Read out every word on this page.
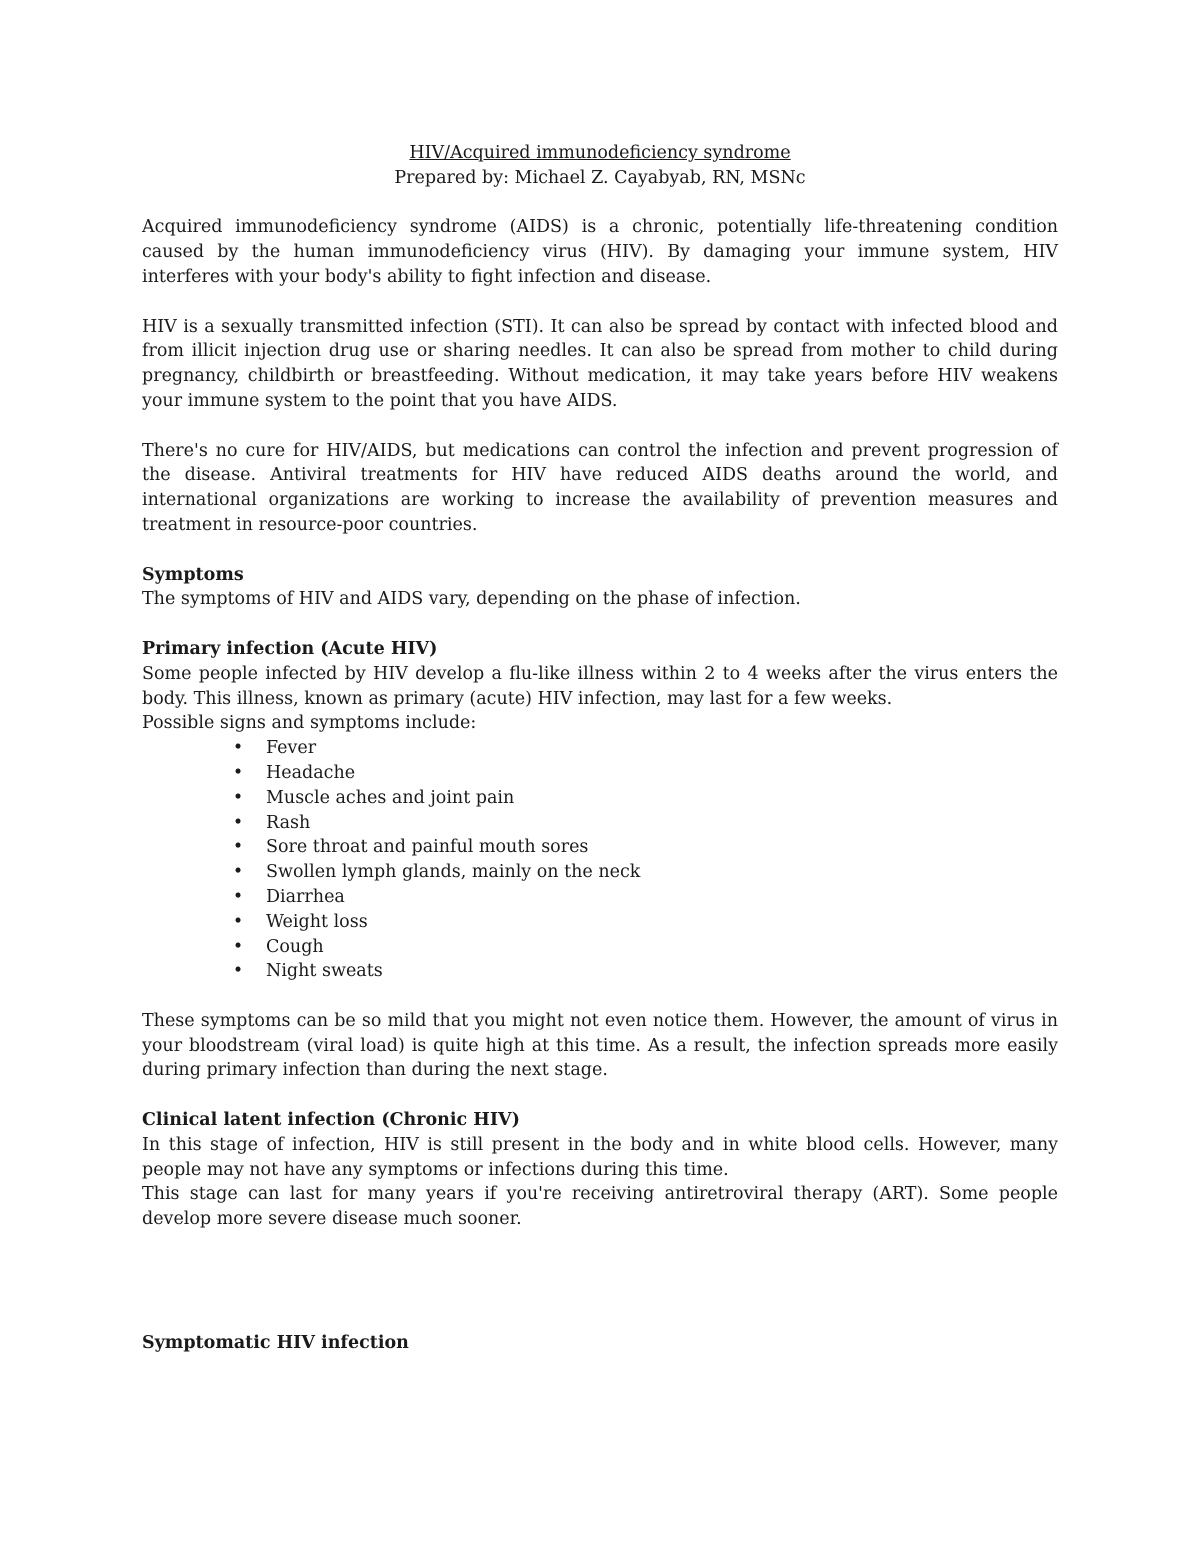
HIV/Acquired immunodeficiency syndrome
Prepared by: Michael Z. Cayabyab, RN, MSNc

Acquired immunodeficiency syndrome (AIDS) is a chronic, potentially life-threatening condition caused by the human immunodeficiency virus (HIV). By damaging your immune system, HIV interferes with your body's ability to fight infection and disease.

HIV is a sexually transmitted infection (STI). It can also be spread by contact with infected blood and from illicit injection drug use or sharing needles. It can also be spread from mother to child during pregnancy, childbirth or breastfeeding. Without medication, it may take years before HIV weakens your immune system to the point that you have AIDS.

There's no cure for HIV/AIDS, but medications can control the infection and prevent progression of the disease. Antiviral treatments for HIV have reduced AIDS deaths around the world, and international organizations are working to increase the availability of prevention measures and treatment in resource-poor countries.

Symptoms

The symptoms of HIV and AIDS vary, depending on the phase of infection.

Primary infection (Acute HIV)

Some people infected by HIV develop a flu-like illness within 2 to 4 weeks after the virus enters the body. This illness, known as primary (acute) HIV infection, may last for a few weeks.

Possible signs and symptoms include:

• Fever
• Headache
• Muscle aches and joint pain
• Rash
• Sore throat and painful mouth sores
• Swollen lymph glands, mainly on the neck
• Diarrhea
• Weight loss
• Cough
• Night sweats

These symptoms can be so mild that you might not even notice them. However, the amount of virus in your bloodstream (viral load) is quite high at this time. As a result, the infection spreads more easily during primary infection than during the next stage.

Clinical latent infection (Chronic HIV)

In this stage of infection, HIV is still present in the body and in white blood cells. However, many people may not have any symptoms or infections during this time.

This stage can last for many years if you're receiving antiretroviral therapy (ART). Some people develop more severe disease much sooner.

Symptomatic HIV infection
